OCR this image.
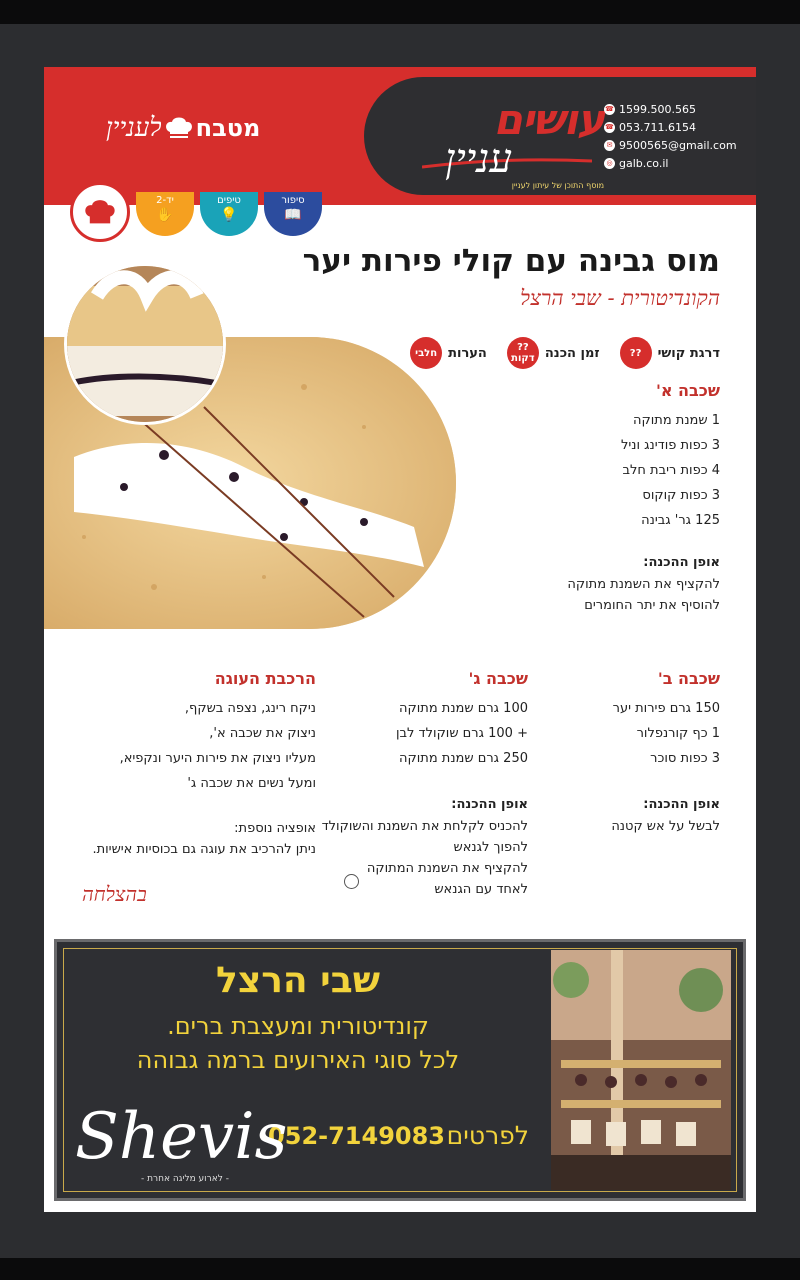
עושים
עניין
מוסף התוכן של עיתון לעניין
☎ 1599.500.565
☎ 053.711.6154
✉ 9500565@gmail.com
◎ galb.co.il
מטבח
לעניין
סיפור
📖
טיפים
💡
יד-2
✋
מוס גבינה עם קולי פירות יער
הקונדיטורית - שבי הרצל
דרגת קושי
??
זמן הכנה
??
דקות
הערות
חלבי
שכבה א'
1 שמנת מתוקה
3 כפות פודינג וניל
4 כפות ריבת חלב
3 כפות קוקוס
125 גר' גבינה
אופן ההכנה:
להקציף את השמנת מתוקה
להוסיף את יתר החומרים
שכבה ב'
150 גרם פירות יער
1 כף קורנפלור
3 כפות סוכר
אופן ההכנה:
לבשל על אש קטנה
שכבה ג'
100 גרם שמנת מתוקה
+ 100 גרם שוקולד לבן
250 גרם שמנת מתוקה
אופן ההכנה:
להכניס לקלחת את השמנת והשוקולד
להפוך לגנאש
להקציף את השמנת המתוקה
לאחד עם הגנאש
הרכבת העוגה
ניקח רינג, נצפה בשקף,
ניצוק את שכבה א',
מעליו ניצוק את פירות היער ונקפיא,
ומעל נשים את שכבה ג'
אופציה נוספת:
ניתן להרכיב את עוגה גם בכוסיות אישיות.
בהצלחה
שבי הרצל
קונדיטורית ומעצבת ברים.
לכל סוגי האירועים ברמה גבוהה
לפרטים
052-7149083
Shevis
- לארוע מליגה אחרת -
